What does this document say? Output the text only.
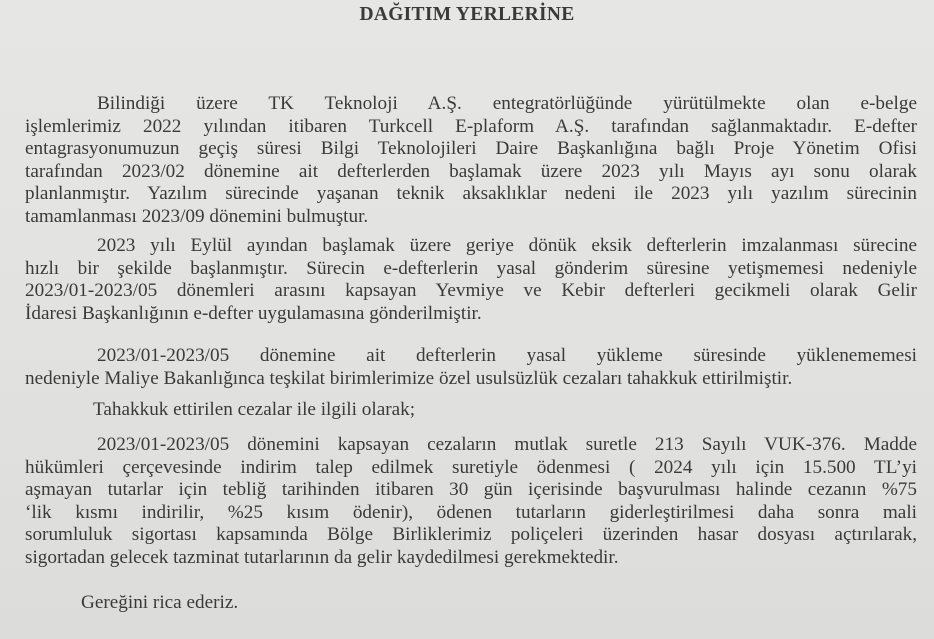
DAĞITIM YERLERİNE
Bilindiği üzere TK Teknoloji A.Ş. entegratörlüğünde yürütülmekte olan e-belge
işlemlerimiz 2022 yılından itibaren Turkcell E-plaform A.Ş. tarafından sağlanmaktadır. E-defter
entagrasyonumuzun geçiş süresi Bilgi Teknolojileri Daire Başkanlığına bağlı Proje Yönetim Ofisi
tarafından 2023/02 dönemine ait defterlerden başlamak üzere 2023 yılı Mayıs ayı sonu olarak
planlanmıştır. Yazılım sürecinde yaşanan teknik aksaklıklar nedeni ile 2023 yılı yazılım sürecinin
tamamlanması 2023/09 dönemini bulmuştur.
2023 yılı Eylül ayından başlamak üzere geriye dönük eksik defterlerin imzalanması sürecine
hızlı bir şekilde başlanmıştır. Sürecin e-defterlerin yasal gönderim süresine yetişmemesi nedeniyle
2023/01-2023/05 dönemleri arasını kapsayan Yevmiye ve Kebir defterleri gecikmeli olarak Gelir
İdaresi Başkanlığının e-defter uygulamasına gönderilmiştir.
2023/01-2023/05 dönemine ait defterlerin yasal yükleme süresinde yüklenememesi
nedeniyle Maliye Bakanlığınca teşkilat birimlerimize özel usulsüzlük cezaları tahakkuk ettirilmiştir.
Tahakkuk ettirilen cezalar ile ilgili olarak;
2023/01-2023/05 dönemini kapsayan cezaların mutlak suretle 213 Sayılı VUK-376. Madde
hükümleri çerçevesinde indirim talep edilmek suretiyle ödenmesi ( 2024 yılı için 15.500 TL’yi
aşmayan tutarlar için tebliğ tarihinden itibaren 30 gün içerisinde başvurulması halinde cezanın %75
‘lik kısmı indirilir, %25 kısım ödenir), ödenen tutarların giderleştirilmesi daha sonra mali
sorumluluk sigortası kapsamında Bölge Birliklerimiz poliçeleri üzerinden hasar dosyası açtırılarak,
sigortadan gelecek tazminat tutarlarının da gelir kaydedilmesi gerekmektedir.
Gereğini rica ederiz.
